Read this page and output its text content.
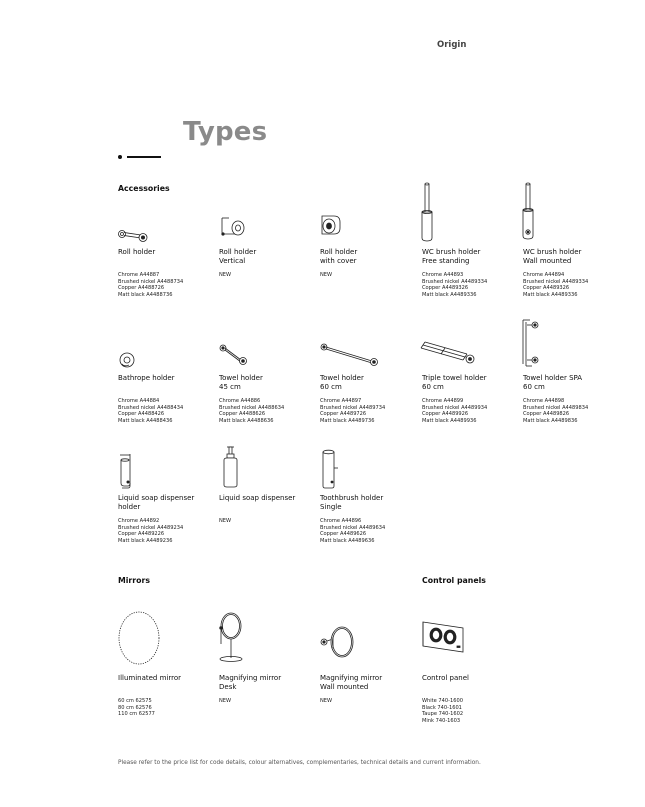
Origin
Types
Accessories
Mirrors	Control panels
Roll holder
Chrome A44887
Brushed nickel A4488734
Copper A4488726
Matt black A4488736
Roll holder
Vertical
NEW
Roll holder
with cover
NEW
WC brush holder
Free standing
Chrome A44893
Brushed nickel A4489334
Copper A4489326
Matt black A4489336
WC brush holder
Wall mounted
Chrome A44894
Brushed nickel A4489334
Copper A4489326
Matt black A4489336
Bathrope holder
Chrome A44884
Brushed nickel A4488434
Copper A4488426
Matt black A4488436
Towel holder
45 cm
Chrome A44886
Brushed nickel A4488634
Copper A4488626
Matt black A4488636
Towel holder
60 cm
Chrome A44897
Brushed nickel A4489734
Copper A4489726
Matt black A4489736
Triple towel holder
60 cm
Chrome A44899
Brushed nickel A4489934
Copper A4489926
Matt black A4489936
Towel holder SPA
60 cm
Chrome A44898
Brushed nickel A4489834
Copper A4489826
Matt black A4489836
Liquid soap dispenser
holder
Chrome A44892
Brushed nickel A4489234
Copper A4489226
Matt black A4489236
Liquid soap dispenser
NEW
Toothbrush holder
Single
Chrome A44896
Brushed nickel A4489634
Copper A4489626
Matt black A4489636
Illuminated mirror
60 cm 62575
80 cm 62576
110 cm 62577
Magnifying mirror
Desk
NEW
Magnifying mirror
Wall mounted
NEW
Control panel
White 740-1600
Black 740-1601
Taupe 740-1602
Mink 740-1603
Please refer to the price list for code details, colour alternatives, complementaries, technical details and current information.
